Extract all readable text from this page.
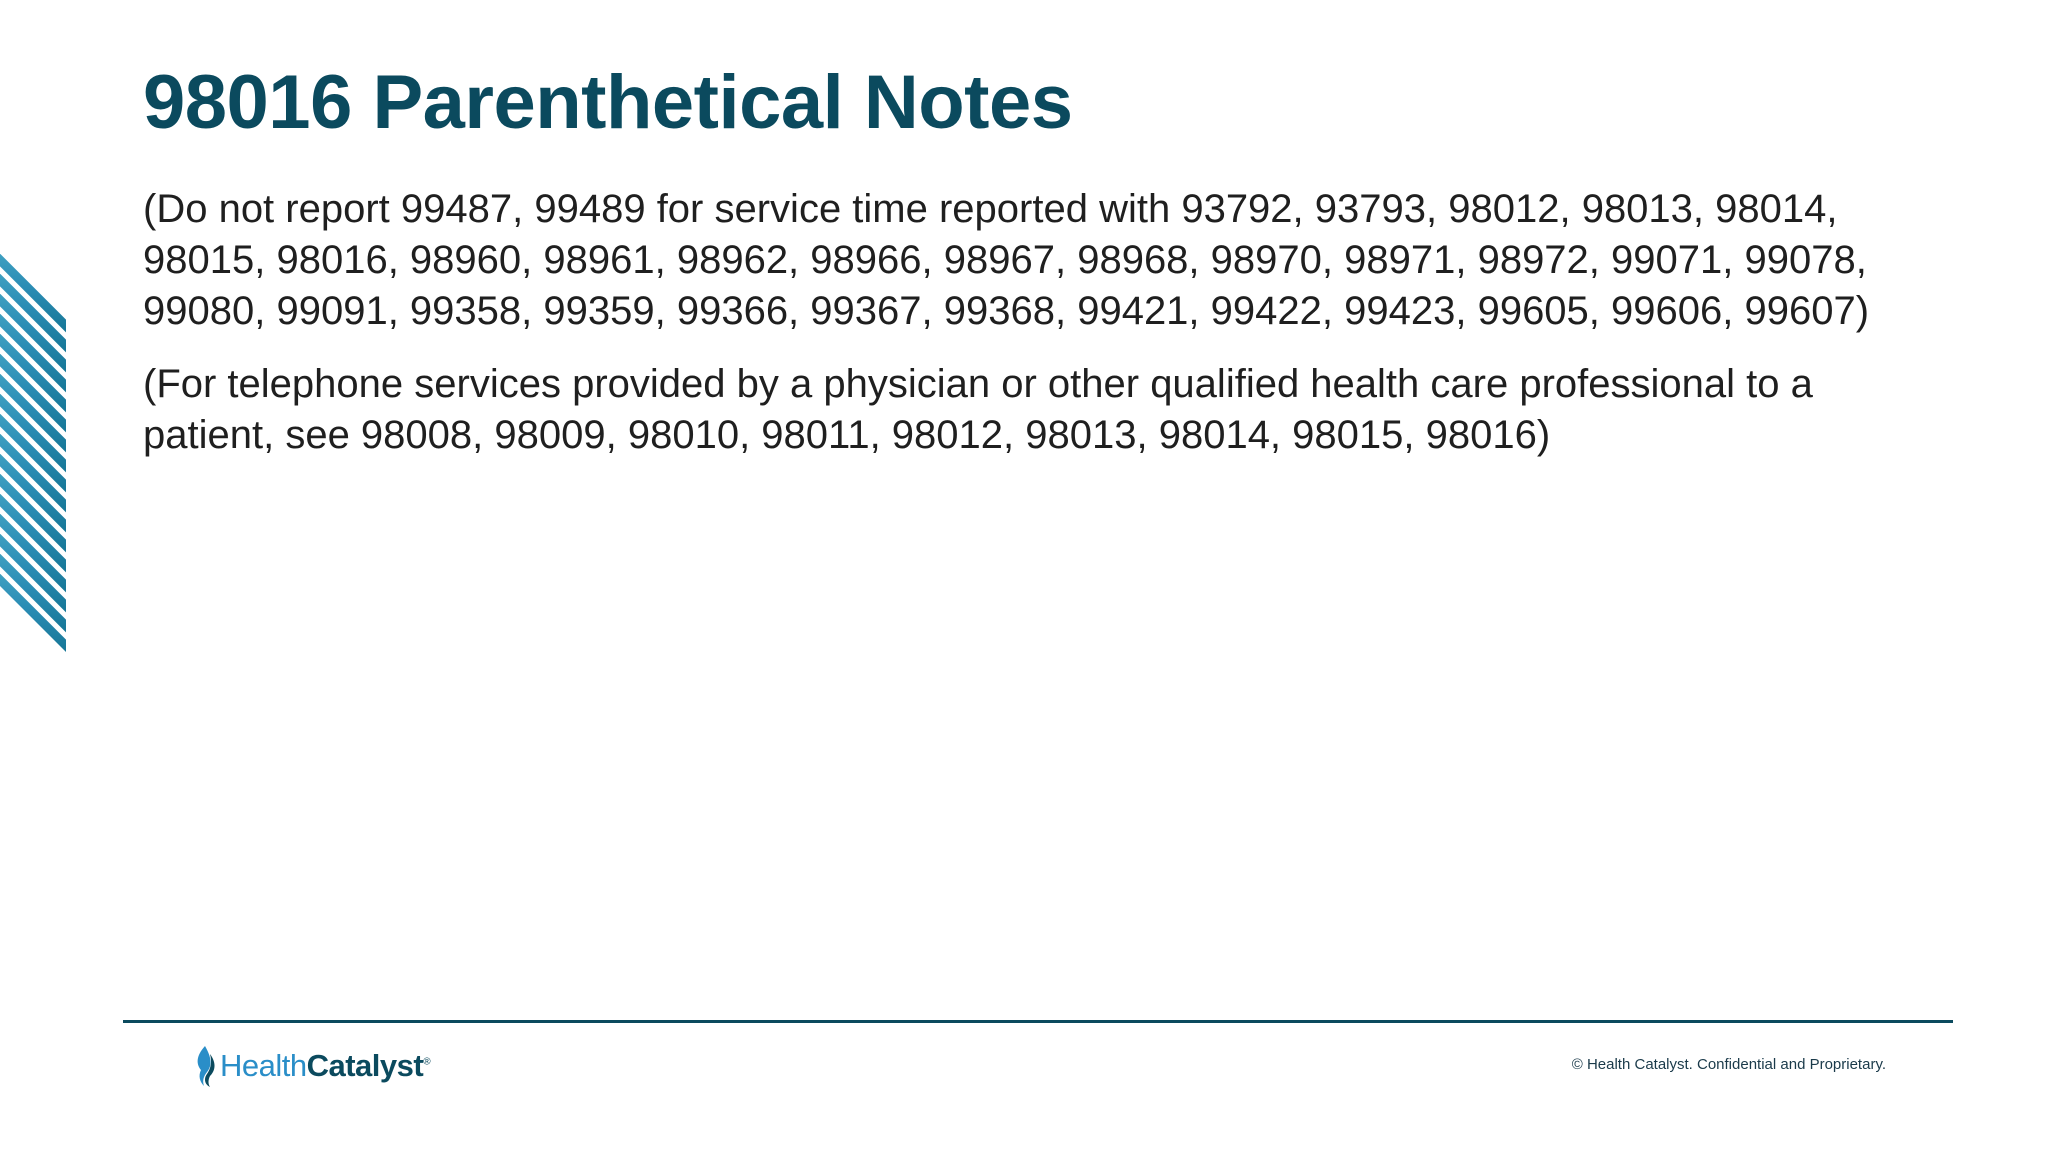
98016 Parenthetical Notes

(Do not report 99487, 99489 for service time reported with 93792, 93793, 98012, 98013, 98014, 98015, 98016, 98960, 98961, 98962, 98966, 98967, 98968, 98970, 98971, 98972, 99071, 99078, 99080, 99091, 99358, 99359, 99366, 99367, 99368, 99421, 99422, 99423, 99605, 99606, 99607)

(For telephone services provided by a physician or other qualified health care professional to a patient, see 98008, 98009, 98010, 98011, 98012, 98013, 98014, 98015, 98016)

HealthCatalyst®	© Health Catalyst. Confidential and Proprietary.
